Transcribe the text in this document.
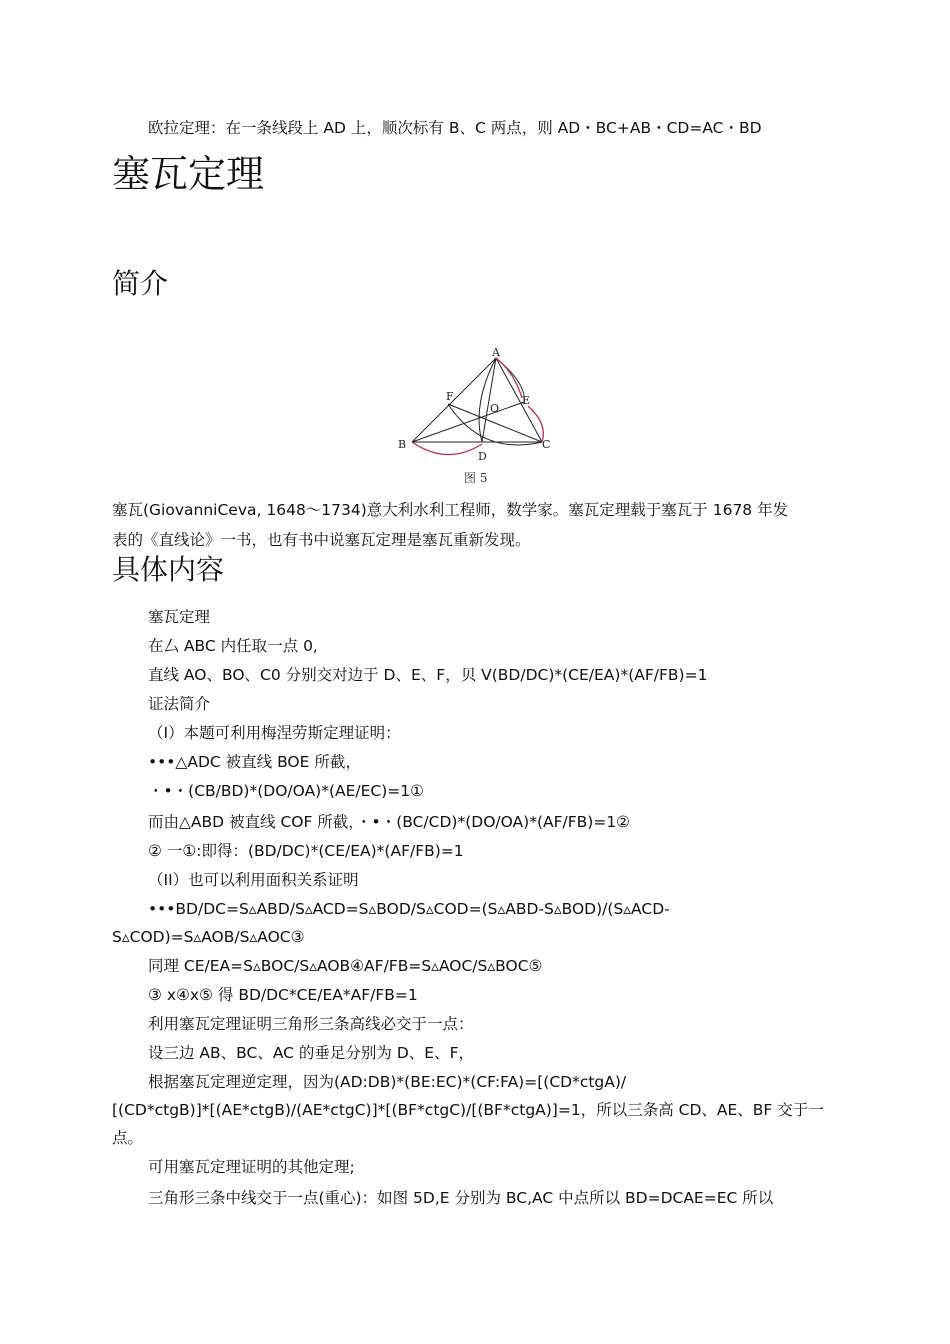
欧拉定理：在一条线段上 AD 上，顺次标有 B、C 两点，则 AD・BC+AB・CD=AC・BD
塞瓦定理
简介
A
B	C
D
E
F
O
图 5
塞瓦(GiovanniCeva, 1648〜1734)意大利水利工程师，数学家。塞瓦定理载于塞瓦于 1678 年发
表的《直线论》一书，也有书中说塞瓦定理是塞瓦重新发现。
具体内容
塞瓦定理
在厶 ABC 内任取一点 0,
直线 AO、BO、C0 分别交对边于 D、E、F，贝 V(BD/DC)*(CE/EA)*(AF/FB)=1
证法简介
（I）本题可利用梅涅劳斯定理证明：
•••△ADC 被直线 BOE 所截，
・•・(CB/BD)*(DO/OA)*(AE/EC)=1①
而由△ABD 被直线 COF 所截，・•・(BC/CD)*(DO/OA)*(AF/FB)=1②
② 一①:即得：(BD/DC)*(CE/EA)*(AF/FB)=1
（II）也可以利用面积关系证明
•••BD/DC=S▵ABD/S▵ACD=S▵BOD/S▵COD=(S▵ABD-S▵BOD)/(S▵ACD-
S▵COD)=S▵AOB/S▵AOC③
同理 CE/EA=S▵BOC/S▵AOB④AF/FB=S▵AOC/S▵BOC⑤
③ x④x⑤ 得 BD/DC*CE/EA*AF/FB=1
利用塞瓦定理证明三角形三条高线必交于一点：
设三边 AB、BC、AC 的垂足分别为 D、E、F，
根据塞瓦定理逆定理，因为(AD:DB)*(BE:EC)*(CF:FA)=[(CD*ctgA)/
[(CD*ctgB)]*[(AE*ctgB)/(AE*ctgC)]*[(BF*ctgC)/[(BF*ctgA)]=1，所以三条高 CD、AE、BF 交于一
点。
可用塞瓦定理证明的其他定理;
三角形三条中线交于一点(重心)：如图 5D,E 分别为 BC,AC 中点所以 BD=DCAE=EC 所以
